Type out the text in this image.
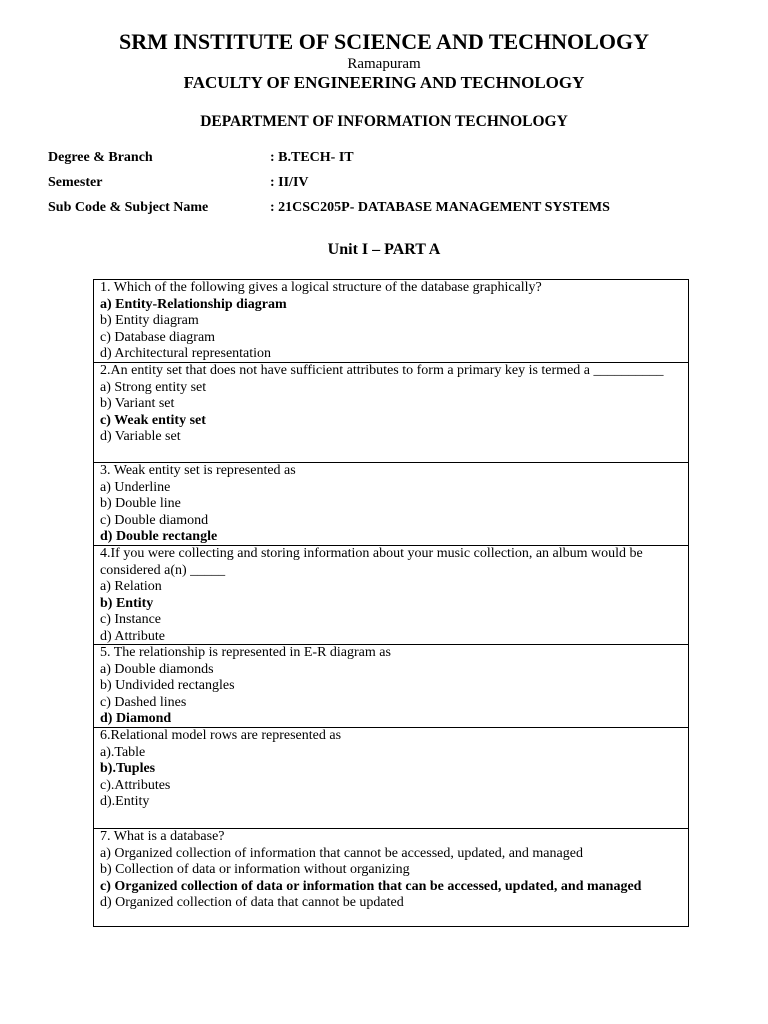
SRM INSTITUTE OF SCIENCE AND TECHNOLOGY
Ramapuram
FACULTY OF ENGINEERING AND TECHNOLOGY
DEPARTMENT OF INFORMATION TECHNOLOGY
Degree & Branch	: B.TECH- IT
Semester	: II/IV
Sub Code & Subject Name	: 21CSC205P- DATABASE MANAGEMENT SYSTEMS
Unit I – PART A
1. Which of the following gives a logical structure of the database graphically?
a) Entity-Relationship diagram
b) Entity diagram
c) Database diagram
d) Architectural representation
2.An entity set that does not have sufficient attributes to form a primary key is termed a __________
a) Strong entity set
b) Variant set
c) Weak entity set
d) Variable set
3. Weak entity set is represented as
a) Underline
b) Double line
c) Double diamond
d) Double rectangle
4.If you were collecting and storing information about your music collection, an album would be considered a(n) _____
a) Relation
b) Entity
c) Instance
d) Attribute
5. The relationship is represented in E-R diagram as
a) Double diamonds
b) Undivided rectangles
c) Dashed lines
d) Diamond
6.Relational model rows are represented as
a).Table
b).Tuples
c).Attributes
d).Entity
7. What is a database?
a) Organized collection of information that cannot be accessed, updated, and managed
b) Collection of data or information without organizing
c) Organized collection of data or information that can be accessed, updated, and managed
d) Organized collection of data that cannot be updated
